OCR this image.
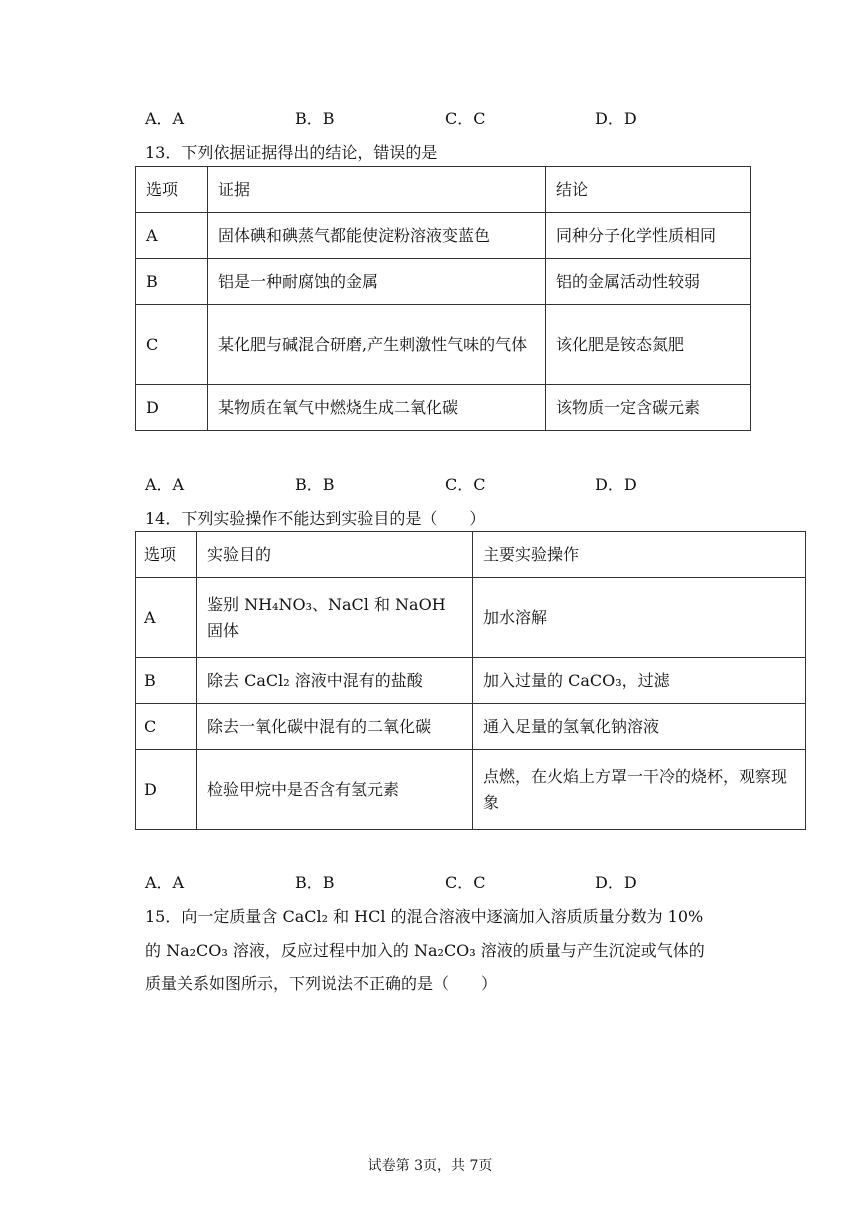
A．A	B．B	C．C	D．D
13．下列依据证据得出的结论，错误的是
选项	证据	结论
A	固体碘和碘蒸气都能使淀粉溶液变蓝色	同种分子化学性质相同
B	铝是一种耐腐蚀的金属	铝的金属活动性较弱
C	某化肥与碱混合研磨,产生刺激性气味的气体	该化肥是铵态氮肥
D	某物质在氧气中燃烧生成二氧化碳	该物质一定含碳元素
A．A	B．B	C．C	D．D
14．下列实验操作不能达到实验目的是（　　）
选项	实验目的	主要实验操作
A	鉴别 NH₄NO₃、NaCl 和 NaOH 固体	加水溶解
B	除去 CaCl₂ 溶液中混有的盐酸	加入过量的 CaCO₃，过滤
C	除去一氧化碳中混有的二氧化碳	通入足量的氢氧化钠溶液
D	检验甲烷中是否含有氢元素	点燃，在火焰上方罩一干冷的烧杯，观察现象
A．A	B．B	C．C	D．D
15．向一定质量含 CaCl₂ 和 HCl 的混合溶液中逐滴加入溶质质量分数为 10%
的 Na₂CO₃ 溶液，反应过程中加入的 Na₂CO₃ 溶液的质量与产生沉淀或气体的
质量关系如图所示，下列说法不正确的是（　　）
试卷第 3页，共 7页
